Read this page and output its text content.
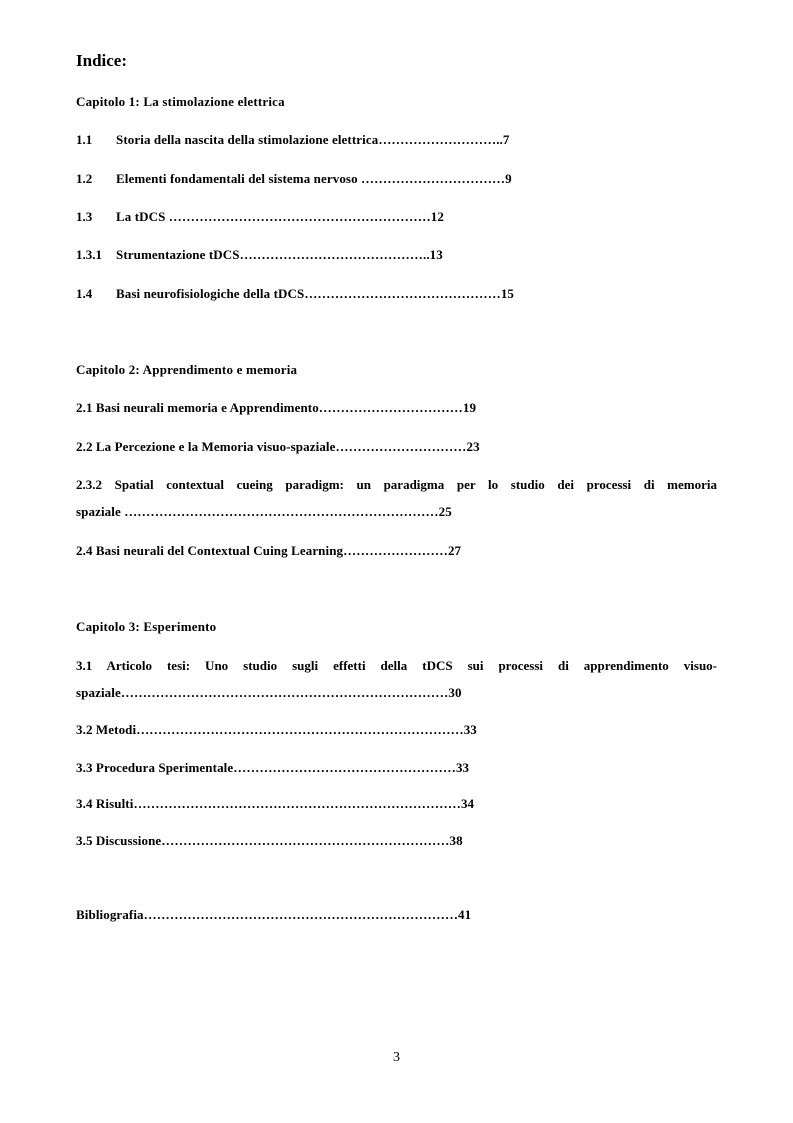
Indice:
Capitolo 1: La stimolazione elettrica
1.1 Storia della nascita della stimolazione elettrica………………………..7
1.2 Elementi fondamentali del sistema nervoso ……………………………9
1.3 La tDCS ……………………………………………………12
1.3.1 Strumentazione tDCS……………………………………..13
1.4 Basi neurofisiologiche della tDCS………………………………………15
Capitolo 2: Apprendimento e memoria
2.1 Basi neurali memoria e Apprendimento……………………………19
2.2 La Percezione e la Memoria visuo-spaziale…………………………23
2.3.2 Spatial contextual cueing paradigm: un paradigma per lo studio dei processi di memoria
spaziale ………………………………………………………………25
2.4 Basi neurali del Contextual Cuing Learning……………………27
Capitolo 3: Esperimento
3.1 Articolo tesi: Uno studio sugli effetti della tDCS sui processi di apprendimento visuo-
spaziale…………………………………………………………………30
3.2 Metodi…………………………………………………………………33
3.3 Procedura Sperimentale……………………………………………33
3.4 Risulti…………………………………………………………………34
3.5 Discussione…………………………………………………………38
Bibliografia………………………………………………………………41
3
